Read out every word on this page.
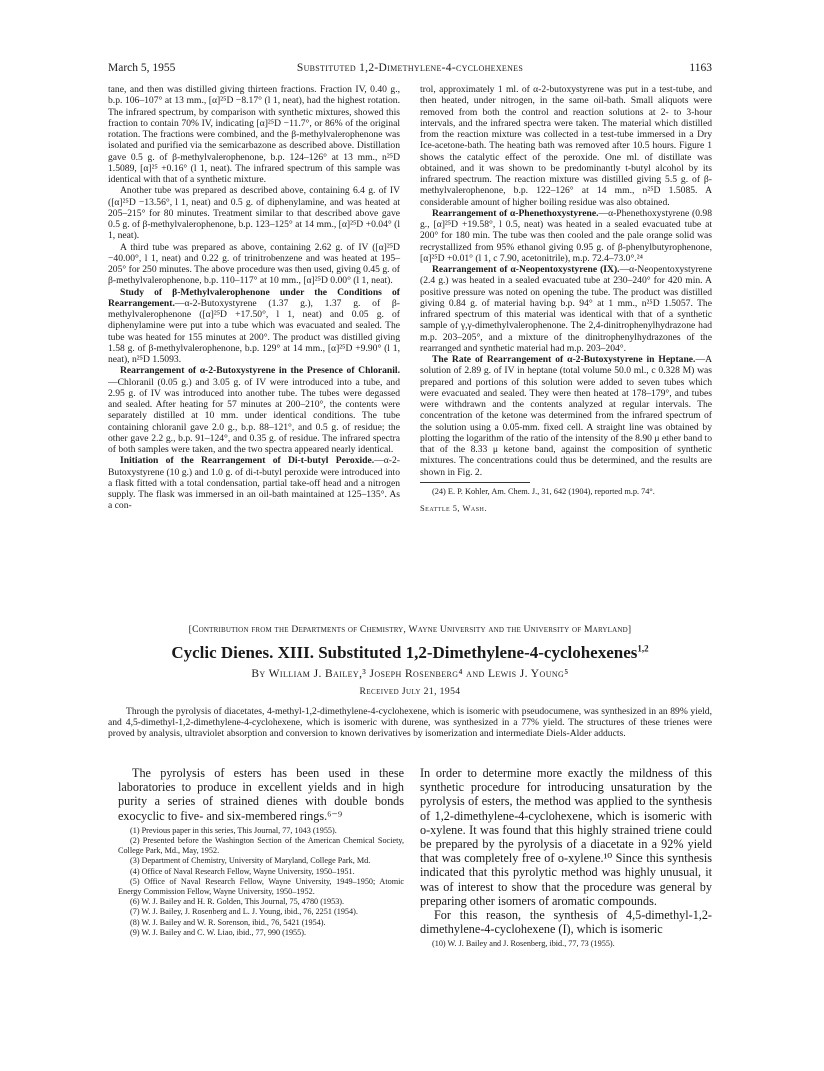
March 5, 1955	Substituted 1,2-Dimethylene-4-cyclohexenes	1163

tane, and then was distilled giving thirteen fractions. Fraction IV, 0.40 g., b.p. 106–107° at 13 mm., [α]²⁵D −8.17° (l 1, neat), had the highest rotation. The infrared spectrum, by comparison with synthetic mixtures, showed this fraction to contain 70% IV, indicating [α]²⁵D −11.7°, or 86% of the original rotation. The fractions were combined, and the β-methylvalerophenone was isolated and purified via the semicarbazone as described above. Distillation gave 0.5 g. of β-methylvalerophenone, b.p. 124–126° at 13 mm., n²⁵D 1.5089, [α]²⁵ +0.16° (l 1, neat). The infrared spectrum of this sample was identical with that of a synthetic mixture.

Another tube was prepared as described above, containing 6.4 g. of IV ([α]²⁵D −13.56°, l 1, neat) and 0.5 g. of diphenylamine, and was heated at 205–215° for 80 minutes. Treatment similar to that described above gave 0.5 g. of β-methylvalerophenone, b.p. 123–125° at 14 mm., [α]²⁵D +0.04° (l 1, neat).

A third tube was prepared as above, containing 2.62 g. of IV ([α]²⁵D −40.00°, l 1, neat) and 0.22 g. of trinitrobenzene and was heated at 195–205° for 250 minutes. The above procedure was then used, giving 0.45 g. of β-methylvalerophenone, b.p. 110–117° at 10 mm., [α]²⁵D 0.00° (l 1, neat).

Study of β-Methylvalerophenone under the Conditions of Rearrangement.—α-2-Butoxystyrene (1.37 g.), 1.37 g. of β-methylvalerophenone ([α]²⁵D +17.50°, l 1, neat) and 0.05 g. of diphenylamine were put into a tube which was evacuated and sealed. The tube was heated for 155 minutes at 200°. The product was distilled giving 1.58 g. of β-methylvalerophenone, b.p. 129° at 14 mm., [α]²⁵D +9.90° (l 1, neat), n²⁵D 1.5093.

Rearrangement of α-2-Butoxystyrene in the Presence of Chloranil.—Chloranil (0.05 g.) and 3.05 g. of IV were introduced into a tube, and 2.95 g. of IV was introduced into another tube. The tubes were degassed and sealed. After heating for 57 minutes at 200–210°, the contents were separately distilled at 10 mm. under identical conditions. The tube containing chloranil gave 2.0 g., b.p. 88–121°, and 0.5 g. of residue; the other gave 2.2 g., b.p. 91–124°, and 0.35 g. of residue. The infrared spectra of both samples were taken, and the two spectra appeared nearly identical.

Initiation of the Rearrangement of Di-t-butyl Peroxide.—α-2-Butoxystyrene (10 g.) and 1.0 g. of di-t-butyl peroxide were introduced into a flask fitted with a total condensation, partial take-off head and a nitrogen supply. The flask was immersed in an oil-bath maintained at 125–135°. As a con-

trol, approximately 1 ml. of α-2-butoxystyrene was put in a test-tube, and then heated, under nitrogen, in the same oil-bath. Small aliquots were removed from both the control and reaction solutions at 2- to 3-hour intervals, and the infrared spectra were taken. The material which distilled from the reaction mixture was collected in a test-tube immersed in a Dry Ice-acetone-bath. The heating bath was removed after 10.5 hours. Figure 1 shows the catalytic effect of the peroxide. One ml. of distillate was obtained, and it was shown to be predominantly t-butyl alcohol by its infrared spectrum. The reaction mixture was distilled giving 5.5 g. of β-methylvalerophenone, b.p. 122–126° at 14 mm., n²⁵D 1.5085. A considerable amount of higher boiling residue was also obtained.

Rearrangement of α-Phenethoxystyrene.—α-Phenethoxystyrene (0.98 g., [α]²⁵D +19.58°, l 0.5, neat) was heated in a sealed evacuated tube at 200° for 180 min. The tube was then cooled and the pale orange solid was recrystallized from 95% ethanol giving 0.95 g. of β-phenylbutyrophenone, [α]²⁵D +0.01° (l 1, c 7.90, acetonitrile), m.p. 72.4–73.0°.²⁴

Rearrangement of α-Neopentoxystyrene (IX).—α-Neopentoxystyrene (2.4 g.) was heated in a sealed evacuated tube at 230–240° for 420 min. A positive pressure was noted on opening the tube. The product was distilled giving 0.84 g. of material having b.p. 94° at 1 mm., n²⁵D 1.5057. The infrared spectrum of this material was identical with that of a synthetic sample of γ,γ-dimethylvalerophenone. The 2,4-dinitrophenylhydrazone had m.p. 203–205°, and a mixture of the dinitrophenylhydrazones of the rearranged and synthetic material had m.p. 203–204°.

The Rate of Rearrangement of α-2-Butoxystyrene in Heptane.—A solution of 2.89 g. of IV in heptane (total volume 50.0 ml., c 0.328 M) was prepared and portions of this solution were added to seven tubes which were evacuated and sealed. They were then heated at 178–179°, and tubes were withdrawn and the contents analyzed at regular intervals. The concentration of the ketone was determined from the infrared spectrum of the solution using a 0.05-mm. fixed cell. A straight line was obtained by plotting the logarithm of the ratio of the intensity of the 8.90 μ ether band to that of the 8.33 μ ketone band, against the composition of synthetic mixtures. The concentrations could thus be determined, and the results are shown in Fig. 2.

(24) E. P. Kohler, Am. Chem. J., 31, 642 (1904), reported m.p. 74°.

Seattle 5, Wash.
[Contribution from the Departments of Chemistry, Wayne University and the University of Maryland]
Cyclic Dienes. XIII. Substituted 1,2-Dimethylene-4-cyclohexenes$^{1,2}$
By William J. Bailey,³ Joseph Rosenberg⁴ and Lewis J. Young⁵
Received July 21, 1954

Through the pyrolysis of diacetates, 4-methyl-1,2-dimethylene-4-cyclohexene, which is isomeric with pseudocumene, was synthesized in an 89% yield, and 4,5-dimethyl-1,2-dimethylene-4-cyclohexene, which is isomeric with durene, was synthesized in a 77% yield. The structures of these trienes were proved by analysis, ultraviolet absorption and conversion to known derivatives by isomerization and intermediate Diels-Alder adducts.

The pyrolysis of esters has been used in these laboratories to produce in excellent yields and in high purity a series of strained dienes with double bonds exocyclic to five- and six-membered rings.⁶⁻⁹

(1) Previous paper in this series, This Journal, 77, 1043 (1955).

(2) Presented before the Washington Section of the American Chemical Society, College Park, Md., May, 1952.

(3) Department of Chemistry, University of Maryland, College Park, Md.

(4) Office of Naval Research Fellow, Wayne University, 1950–1951.

(5) Office of Naval Research Fellow, Wayne University, 1949–1950; Atomic Energy Commission Fellow, Wayne University, 1950–1952.

(6) W. J. Bailey and H. R. Golden, This Journal, 75, 4780 (1953).

(7) W. J. Bailey, J. Rosenberg and L. J. Young, ibid., 76, 2251 (1954).

(8) W. J. Bailey and W. R. Sorenson, ibid., 76, 5421 (1954).

(9) W. J. Bailey and C. W. Liao, ibid., 77, 990 (1955).

In order to determine more exactly the mildness of this synthetic procedure for introducing unsaturation by the pyrolysis of esters, the method was applied to the synthesis of 1,2-dimethylene-4-cyclohexene, which is isomeric with o-xylene. It was found that this highly strained triene could be prepared by the pyrolysis of a diacetate in a 92% yield that was completely free of o-xylene.¹⁰ Since this synthesis indicated that this pyrolytic method was highly unusual, it was of interest to show that the procedure was general by preparing other isomers of aromatic compounds.

For this reason, the synthesis of 4,5-dimethyl-1,2-dimethylene-4-cyclohexene (I), which is isomeric

(10) W. J. Bailey and J. Rosenberg, ibid., 77, 73 (1955).
